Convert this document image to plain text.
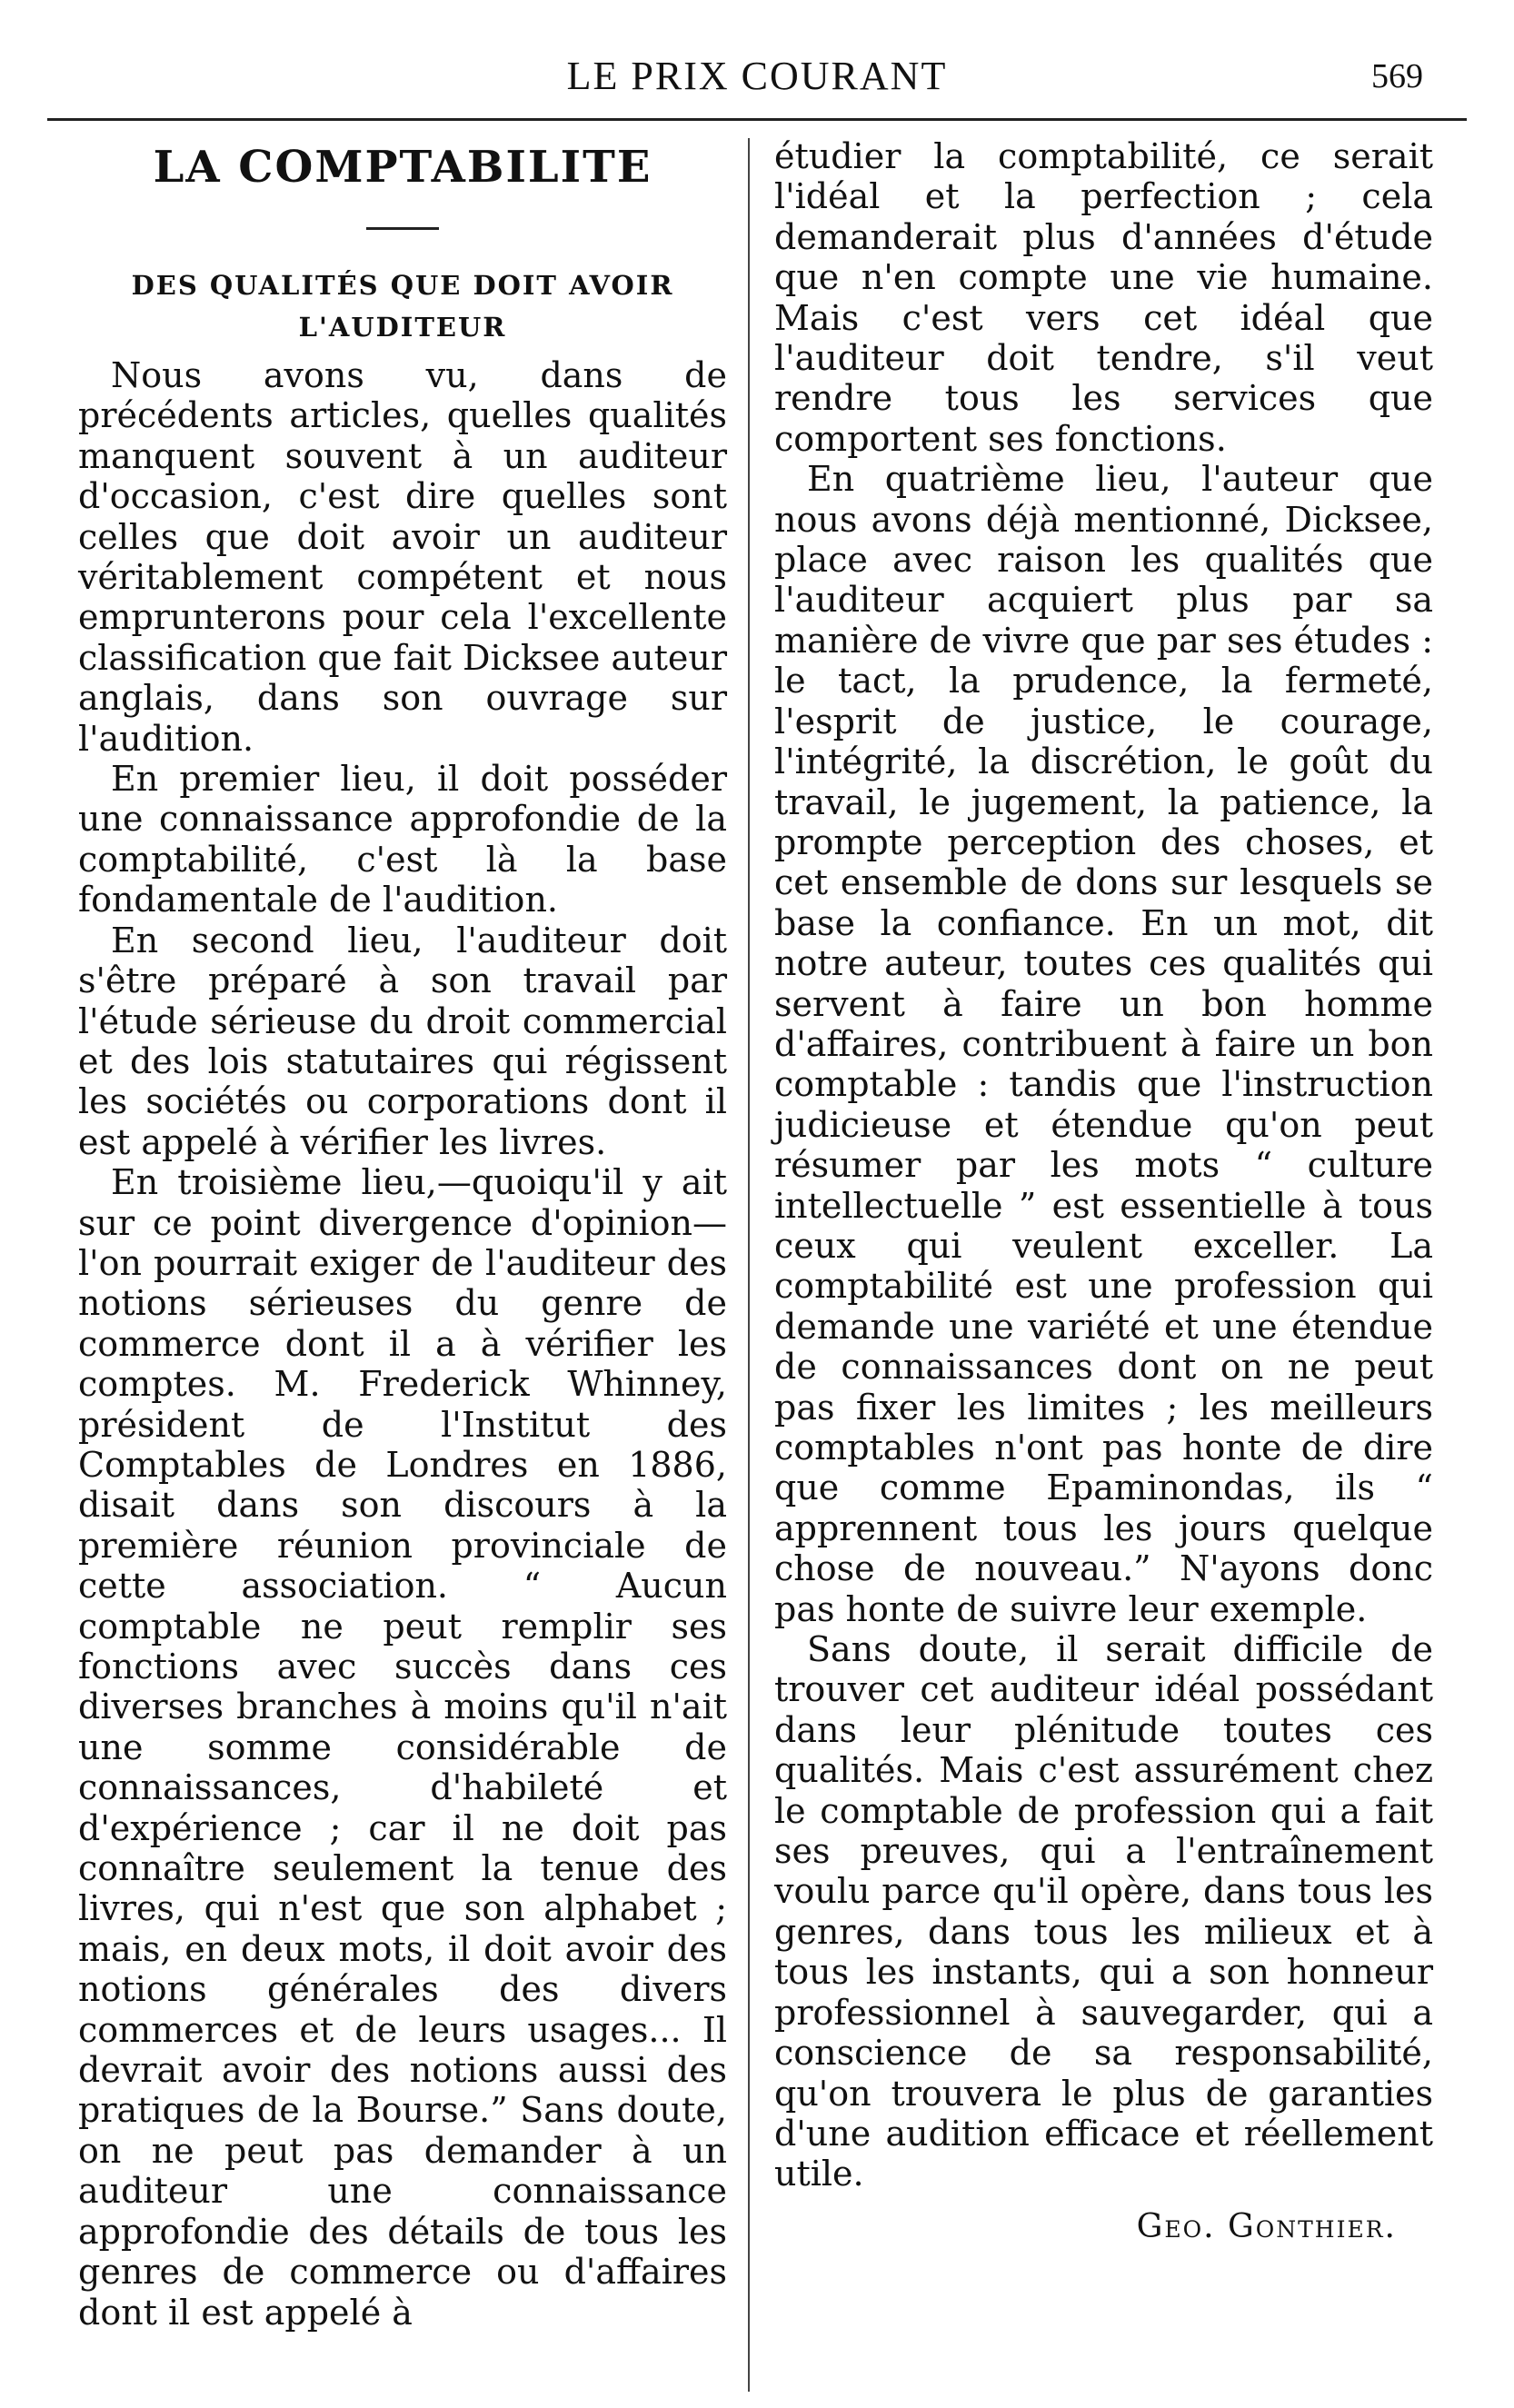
LE PRIX COURANT	569
LA COMPTABILITE
DES QUALITÉS QUE DOIT AVOIR
L'AUDITEUR

Nous avons vu, dans de précédents articles, quelles qualités manquent souvent à un auditeur d'occasion, c'est dire quelles sont celles que doit avoir un auditeur véritablement compétent et nous emprunterons pour cela l'excellente classification que fait Dicksee auteur anglais, dans son ouvrage sur l'audition.

En premier lieu, il doit posséder une connaissance approfondie de la comptabilité, c'est là la base fondamentale de l'audition.

En second lieu, l'auditeur doit s'être préparé à son travail par l'étude sérieuse du droit commercial et des lois statutaires qui régissent les sociétés ou corporations dont il est appelé à vérifier les livres.

En troisième lieu,—quoiqu'il y ait sur ce point divergence d'opinion—l'on pourrait exiger de l'auditeur des notions sérieuses du genre de commerce dont il a à vérifier les comptes. M. Frederick Whinney, président de l'Institut des Comptables de Londres en 1886, disait dans son discours à la première réunion provinciale de cette association. “ Aucun comptable ne peut remplir ses fonctions avec succès dans ces diverses branches à moins qu'il n'ait une somme considérable de connaissances, d'habileté et d'expérience ; car il ne doit pas connaître seulement la tenue des livres, qui n'est que son alphabet ; mais, en deux mots, il doit avoir des notions générales des divers commerces et de leurs usages... Il devrait avoir des notions aussi des pratiques de la Bourse.” Sans doute, on ne peut pas demander à un auditeur une connaissance approfondie des détails de tous les genres de commerce ou d'affaires dont il est appelé à

étudier la comptabilité, ce serait l'idéal et la perfection ; cela demanderait plus d'années d'étude que n'en compte une vie humaine. Mais c'est vers cet idéal que l'auditeur doit tendre, s'il veut rendre tous les services que comportent ses fonctions.

En quatrième lieu, l'auteur que nous avons déjà mentionné, Dicksee, place avec raison les qualités que l'auditeur acquiert plus par sa manière de vivre que par ses études : le tact, la prudence, la fermeté, l'esprit de justice, le courage, l'intégrité, la discrétion, le goût du travail, le jugement, la patience, la prompte perception des choses, et cet ensemble de dons sur lesquels se base la confiance. En un mot, dit notre auteur, toutes ces qualités qui servent à faire un bon homme d'affaires, contribuent à faire un bon comptable : tandis que l'instruction judicieuse et étendue qu'on peut résumer par les mots “ culture intellectuelle ” est essentielle à tous ceux qui veulent exceller. La comptabilité est une profession qui demande une variété et une étendue de connaissances dont on ne peut pas fixer les limites ; les meilleurs comptables n'ont pas honte de dire que comme Epaminondas, ils “ apprennent tous les jours quelque chose de nouveau.” N'ayons donc pas honte de suivre leur exemple.

Sans doute, il serait difficile de trouver cet auditeur idéal possédant dans leur plénitude toutes ces qualités. Mais c'est assurément chez le comptable de profession qui a fait ses preuves, qui a l'entraînement voulu parce qu'il opère, dans tous les genres, dans tous les milieux et à tous les instants, qui a son honneur professionnel à sauvegarder, qui a conscience de sa responsabilité, qu'on trouvera le plus de garanties d'une audition efficace et réellement utile.

Geo. Gonthier.
